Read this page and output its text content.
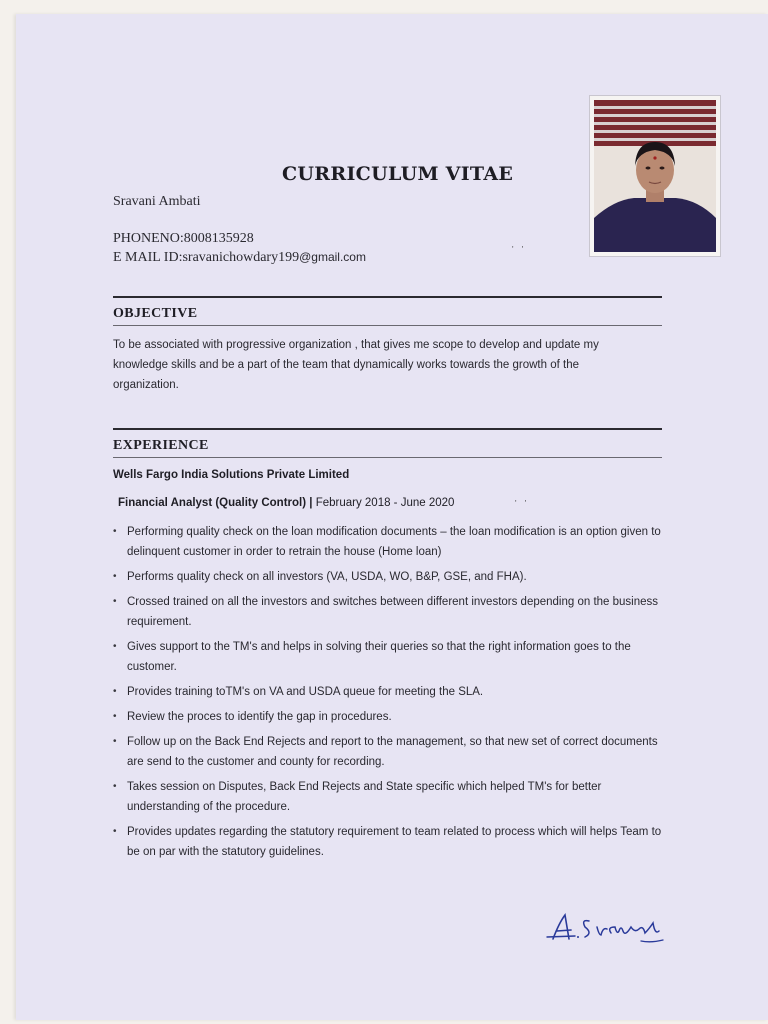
CURRICULUM VITAE
Sravani Ambati
PHONENO:8008135928
E MAIL ID:sravanichowdary199@gmail.com
' '
OBJECTIVE
To be associated with progressive organization , that gives me scope to develop and update my knowledge skills and be a part of the team that dynamically works towards the growth of the organization.
EXPERIENCE
Wells Fargo India Solutions Private Limited
Financial Analyst (Quality Control) | February 2018 - June 2020	' '
• Performing quality check on the loan modification documents – the loan modification is an option given to delinquent customer in order to retrain the house (Home loan)
• Performs quality check on all investors (VA, USDA, WO, B&P, GSE, and FHA).
• Crossed trained on all the investors and switches between different investors depending on the business requirement.
• Gives support to the TM's and helps in solving their queries so that the right information goes to the customer.
• Provides training toTM's on VA and USDA queue for meeting the SLA.
• Review the proces to identify the gap in procedures.
• Follow up on the Back End Rejects and report to the management, so that new set of correct documents are send to the customer and county for recording.
• Takes session on Disputes, Back End Rejects and State specific which helped TM's for better understanding of the procedure.
• Provides updates regarding the statutory requirement to team related to process which will helps Team to be on par with the statutory guidelines.
